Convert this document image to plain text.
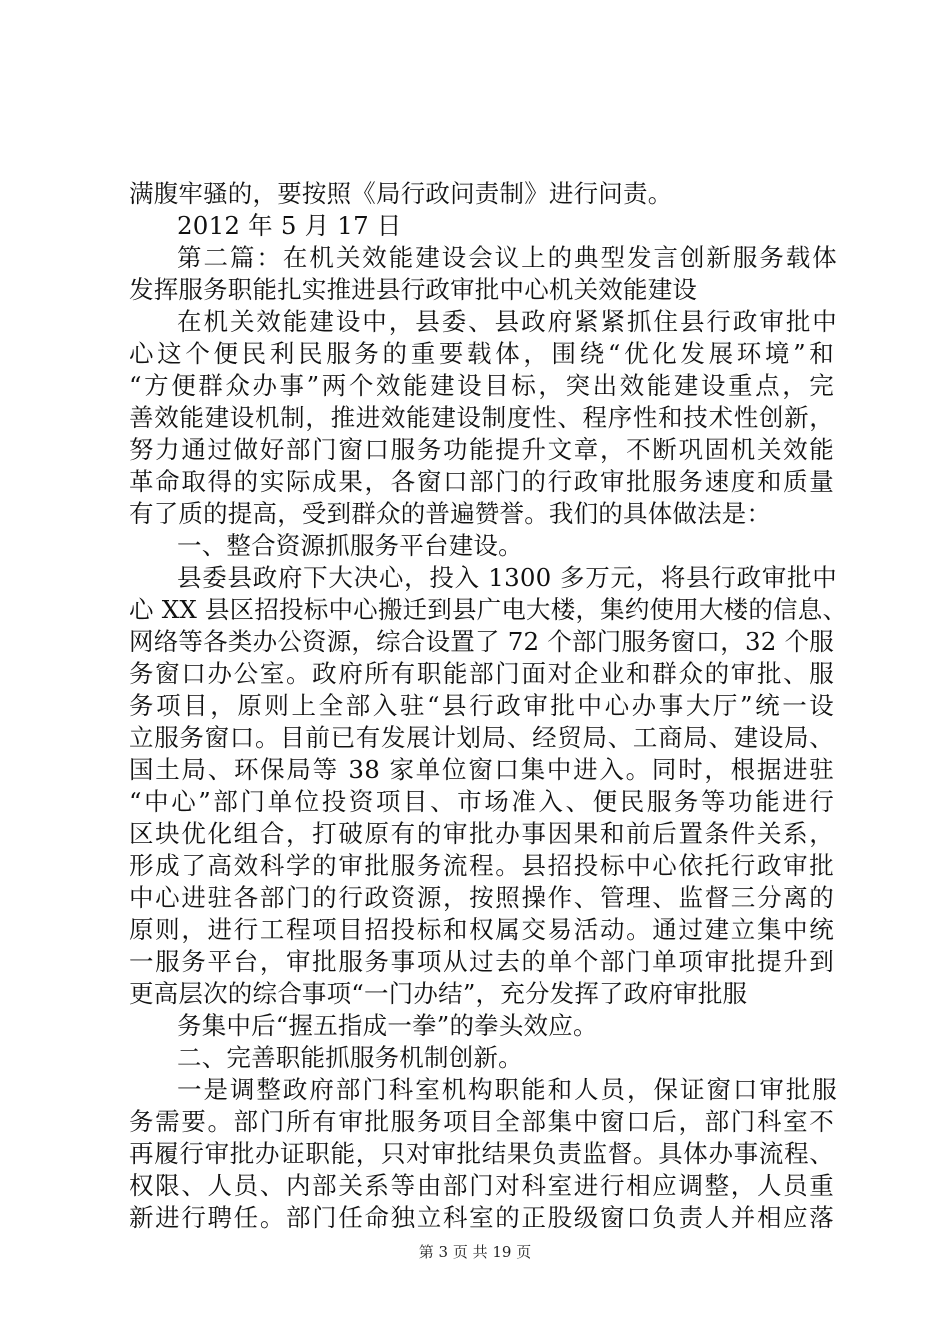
满腹牢骚的，要按照《局行政问责制》进行问责。
2012 年 5 月 17 日
第二篇：在机关效能建设会议上的典型发言创新服务载体
发挥服务职能扎实推进县行政审批中心机关效能建设
在机关效能建设中，县委、县政府紧紧抓住县行政审批中
心这个便民利民服务的重要载体，围绕“优化发展环境”和
“方便群众办事”两个效能建设目标，突出效能建设重点，完
善效能建设机制，推进效能建设制度性、程序性和技术性创新，
努力通过做好部门窗口服务功能提升文章，不断巩固机关效能
革命取得的实际成果，各窗口部门的行政审批服务速度和质量
有了质的提高，受到群众的普遍赞誉。我们的具体做法是：
一、整合资源抓服务平台建设。
县委县政府下大决心，投入 1300 多万元，将县行政审批中
心 XX 县区招投标中心搬迁到县广电大楼，集约使用大楼的信息、
网络等各类办公资源，综合设置了 72 个部门服务窗口，32 个服
务窗口办公室。政府所有职能部门面对企业和群众的审批、服
务项目，原则上全部入驻“县行政审批中心办事大厅”统一设
立服务窗口。目前已有发展计划局、经贸局、工商局、建设局、
国土局、环保局等 38 家单位窗口集中进入。同时，根据进驻
“中心”部门单位投资项目、市场准入、便民服务等功能进行
区块优化组合，打破原有的审批办事因果和前后置条件关系，
形成了高效科学的审批服务流程。县招投标中心依托行政审批
中心进驻各部门的行政资源，按照操作、管理、监督三分离的
原则，进行工程项目招投标和权属交易活动。通过建立集中统
一服务平台，审批服务事项从过去的单个部门单项审批提升到
更高层次的综合事项“一门办结”，充分发挥了政府审批服
务集中后“握五指成一拳”的拳头效应。
二、完善职能抓服务机制创新。
一是调整政府部门科室机构职能和人员，保证窗口审批服
务需要。部门所有审批服务项目全部集中窗口后，部门科室不
再履行审批办证职能，只对审批结果负责监督。具体办事流程、
权限、人员、内部关系等由部门对科室进行相应调整，人员重
新进行聘任。部门任命独立科室的正股级窗口负责人并相应落
第 3 页 共 19 页
